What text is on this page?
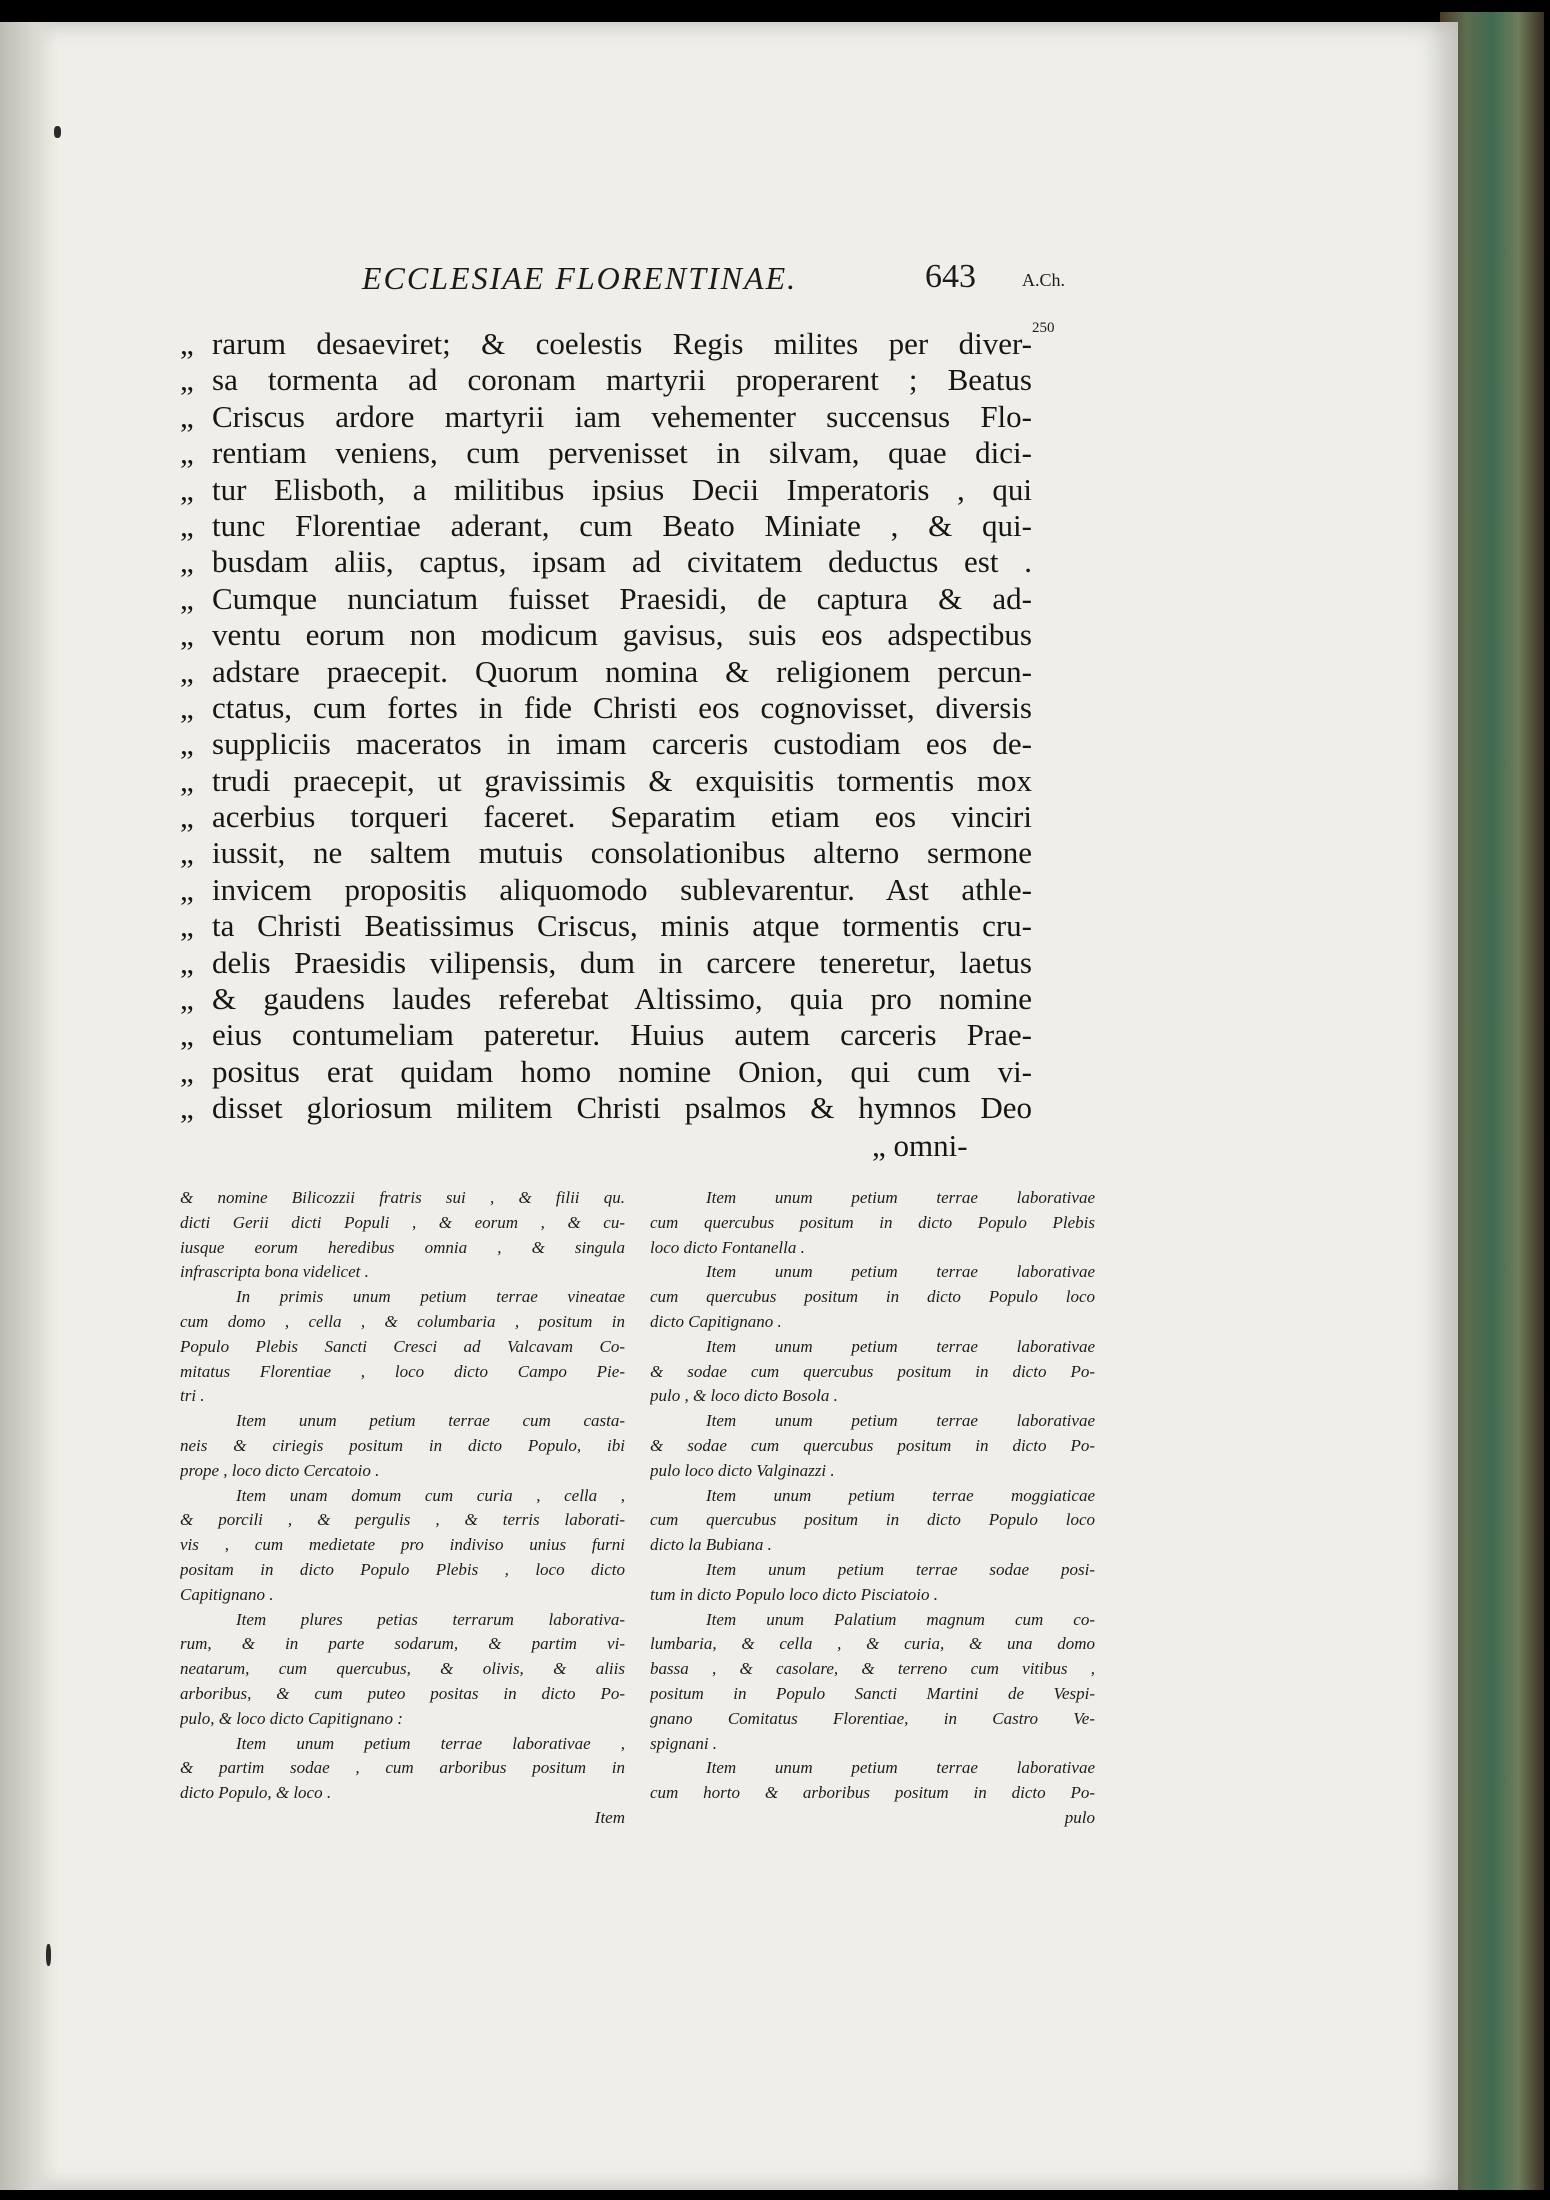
ECCLESIAE FLORENTINAE.	643	A.Ch.
250
„ rarum desaeviret; & coelestis Regis milites per diver-
„ sa tormenta ad coronam martyrii properarent ; Beatus
„ Criscus ardore martyrii iam vehementer succensus Flo-
„ rentiam veniens, cum pervenisset in silvam, quae dici-
„ tur Elisboth, a militibus ipsius Decii Imperatoris , qui
„ tunc Florentiae aderant, cum Beato Miniate , & qui-
„ busdam aliis, captus, ipsam ad civitatem deductus est .
„ Cumque nunciatum fuisset Praesidi, de captura & ad-
„ ventu eorum non modicum gavisus, suis eos adspectibus
„ adstare praecepit. Quorum nomina & religionem percun-
„ ctatus, cum fortes in fide Christi eos cognovisset, diversis
„ suppliciis maceratos in imam carceris custodiam eos de-
„ trudi praecepit, ut gravissimis & exquisitis tormentis mox
„ acerbius torqueri faceret. Separatim etiam eos vinciri
„ iussit, ne saltem mutuis consolationibus alterno sermone
„ invicem propositis aliquomodo sublevarentur. Ast athle-
„ ta Christi Beatissimus Criscus, minis atque tormentis cru-
„ delis Praesidis vilipensis, dum in carcere teneretur, laetus
„ & gaudens laudes referebat Altissimo, quia pro nomine
„ eius contumeliam pateretur. Huius autem carceris Prae-
„ positus erat quidam homo nomine Onion, qui cum vi-
„ disset gloriosum militem Christi psalmos & hymnos Deo
„ omni-
& nomine Bilicozzii fratris sui , & filii qu.
dicti Gerii dicti Populi , & eorum , & cu-
iusque eorum heredibus omnia , & singula
infrascripta bona videlicet .
In primis unum petium terrae vineatae
cum domo , cella , & columbaria , positum in
Populo Plebis Sancti Cresci ad Valcavam Co-
mitatus Florentiae , loco dicto Campo Pie-
tri .
Item unum petium terrae cum casta-
neis & ciriegis positum in dicto Populo, ibi
prope , loco dicto Cercatoio .
Item unam domum cum curia , cella ,
& porcili , & pergulis , & terris laborati-
vis , cum medietate pro indiviso unius furni
positam in dicto Populo Plebis , loco dicto
Capitignano .
Item plures petias terrarum laborativa-
rum, & in parte sodarum, & partim vi-
neatarum, cum quercubus, & olivis, & aliis
arboribus, & cum puteo positas in dicto Po-
pulo, & loco dicto Capitignano :
Item unum petium terrae laborativae ,
& partim sodae , cum arboribus positum in
dicto Populo, & loco .
Item
Item unum petium terrae laborativae
cum quercubus positum in dicto Populo Plebis
loco dicto Fontanella .
Item unum petium terrae laborativae
cum quercubus positum in dicto Populo loco
dicto Capitignano .
Item unum petium terrae laborativae
& sodae cum quercubus positum in dicto Po-
pulo , & loco dicto Bosola .
Item unum petium terrae laborativae
& sodae cum quercubus positum in dicto Po-
pulo loco dicto Valginazzi .
Item unum petium terrae moggiaticae
cum quercubus positum in dicto Populo loco
dicto la Bubiana .
Item unum petium terrae sodae posi-
tum in dicto Populo loco dicto Pisciatoio .
Item unum Palatium magnum cum co-
lumbaria, & cella , & curia, & una domo
bassa , & casolare, & terreno cum vitibus ,
positum in Populo Sancti Martini de Vespi-
gnano Comitatus Florentiae, in Castro Ve-
spignani .
Item unum petium terrae laborativae
cum horto & arboribus positum in dicto Po-
pulo
